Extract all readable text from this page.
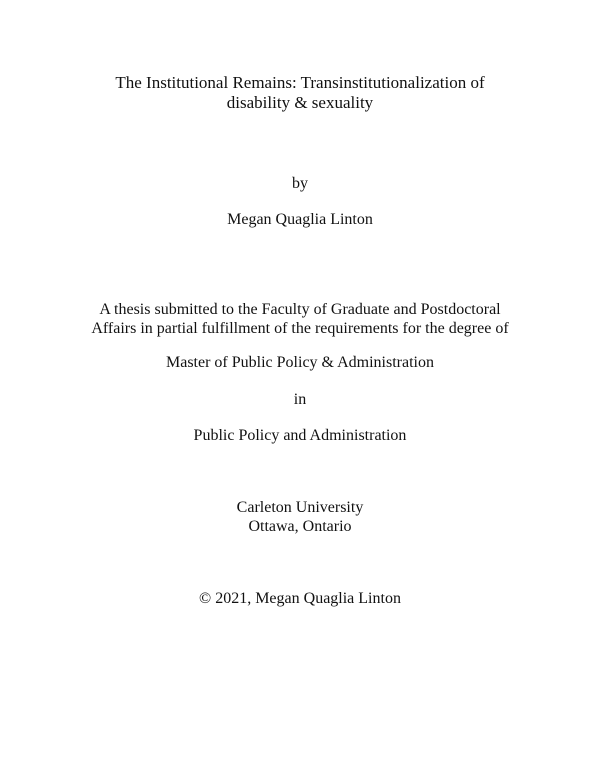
The Institutional Remains: Transinstitutionalization of
disability & sexuality
by
Megan Quaglia Linton
A thesis submitted to the Faculty of Graduate and Postdoctoral
Affairs in partial fulfillment of the requirements for the degree of
Master of Public Policy & Administration
in
Public Policy and Administration
Carleton University
Ottawa, Ontario
© 2021, Megan Quaglia Linton
